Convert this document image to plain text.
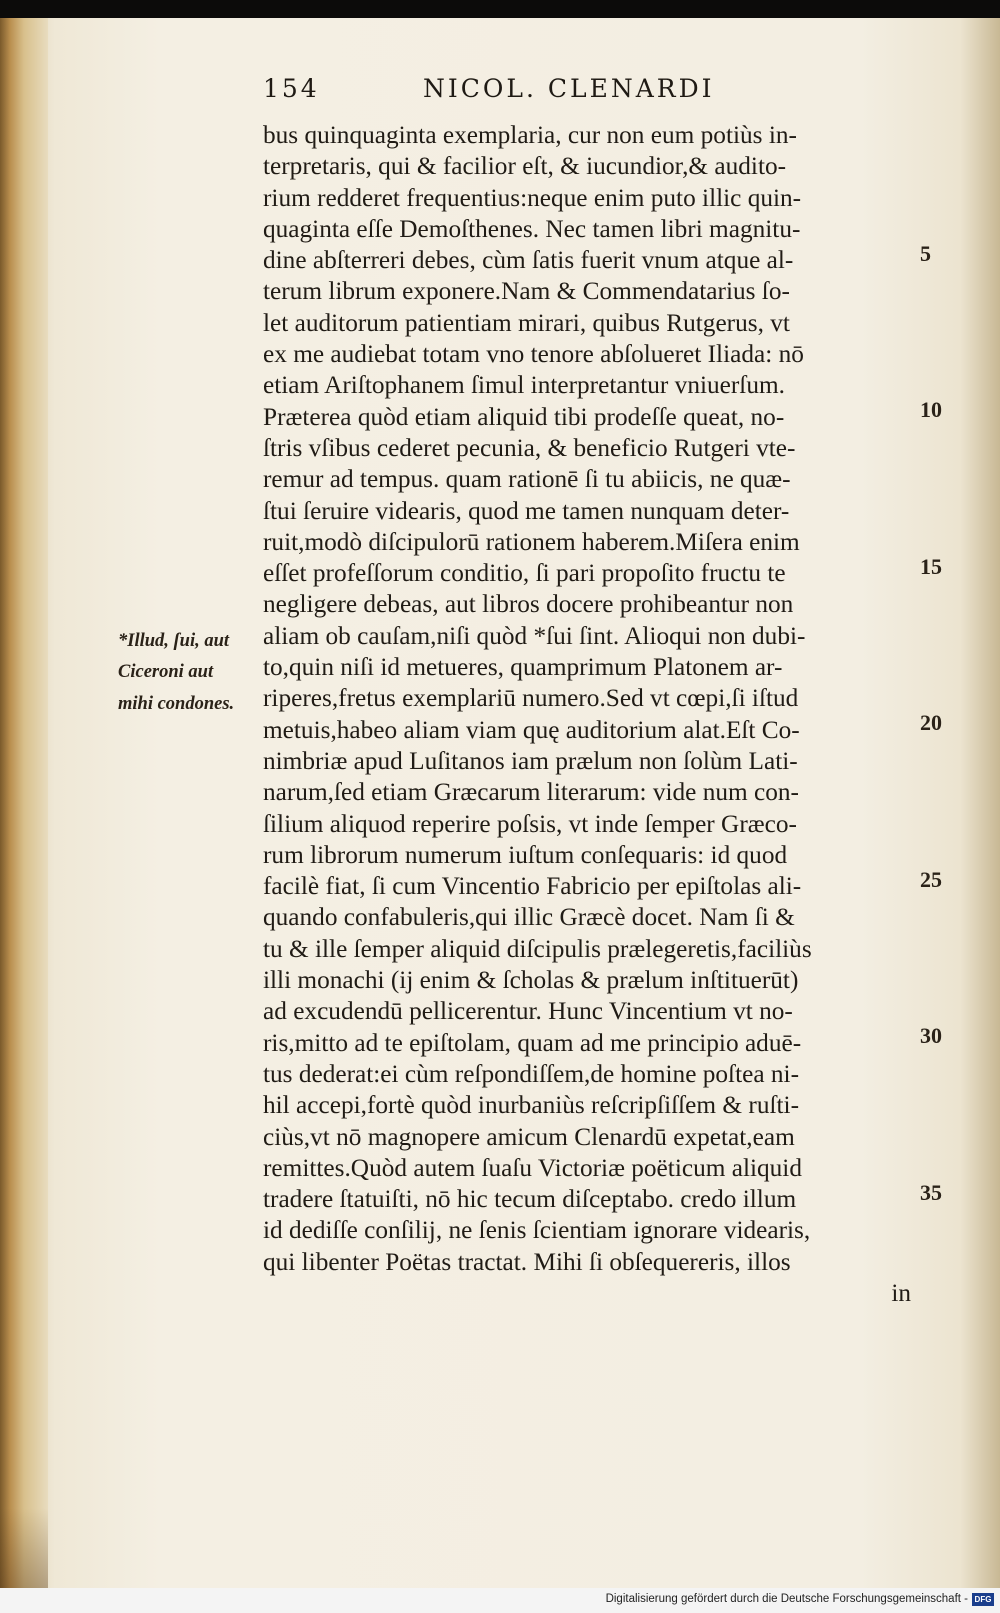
154	NICOL. CLENARDI
*Illud, ſui, aut
Ciceroni aut
mihi condones.
bus quinquaginta exemplaria, cur non eum potiùs in-
terpretaris, qui & facilior eſt, & iucundior,& audito-
rium redderet frequentius:neque enim puto illic quin-
quaginta eſſe Demoſthenes. Nec tamen libri magnitu-
dine abſterreri debes, cùm ſatis fuerit vnum atque al-
terum librum exponere.Nam & Commendatarius ſo-
let auditorum patientiam mirari, quibus Rutgerus, vt
ex me audiebat totam vno tenore abſolueret Iliada: nō
etiam Ariſtophanem ſimul interpretantur vniuerſum.
Præterea quòd etiam aliquid tibi prodeſſe queat, no-
ſtris vſibus cederet pecunia, & beneficio Rutgeri vte-
remur ad tempus. quam rationē ſi tu abiicis, ne quæ-
ſtui ſeruire videaris, quod me tamen nunquam deter-
ruit,modò diſcipulorū rationem haberem.Miſera enim
eſſet profeſſorum conditio, ſi pari propoſito fructu te
negligere debeas, aut libros docere prohibeantur non
aliam ob cauſam,niſi quòd *ſui ſint. Alioqui non dubi-
to,quin niſi id metueres, quamprimum Platonem ar-
riperes,fretus exemplariū numero.Sed vt cœpi,ſi iſtud
metuis,habeo aliam viam quę auditorium alat.Eſt Co-
nimbriæ apud Luſitanos iam prælum non ſolùm Lati-
narum,ſed etiam Græcarum literarum: vide num con-
ſilium aliquod reperire poſsis, vt inde ſemper Græco-
rum librorum numerum iuſtum conſequaris: id quod
facilè fiat, ſi cum Vincentio Fabricio per epiſtolas ali-
quando confabuleris,qui illic Græcè docet. Nam ſi &
tu & ille ſemper aliquid diſcipulis prælegeretis,faciliùs
illi monachi (ij enim & ſcholas & prælum inſtituerūt)
ad excudendū pellicerentur. Hunc Vincentium vt no-
ris,mitto ad te epiſtolam, quam ad me principio aduē-
tus dederat:ei cùm reſpondiſſem,de homine poſtea ni-
hil accepi,fortè quòd inurbaniùs reſcripſiſſem & ruſti-
ciùs,vt nō magnopere amicum Clenardū expetat,eam
remittes.Quòd autem ſuaſu Victoriæ poëticum aliquid
tradere ſtatuiſti, nō hic tecum diſceptabo. credo illum
id dediſſe conſilij, ne ſenis ſcientiam ignorare videaris,
qui libenter Poëtas tractat. Mihi ſi obſequereris, illos
in
5
10
15
20
25
30
35
Digitalisierung gefördert durch die Deutsche Forschungsgemeinschaft - DFG
